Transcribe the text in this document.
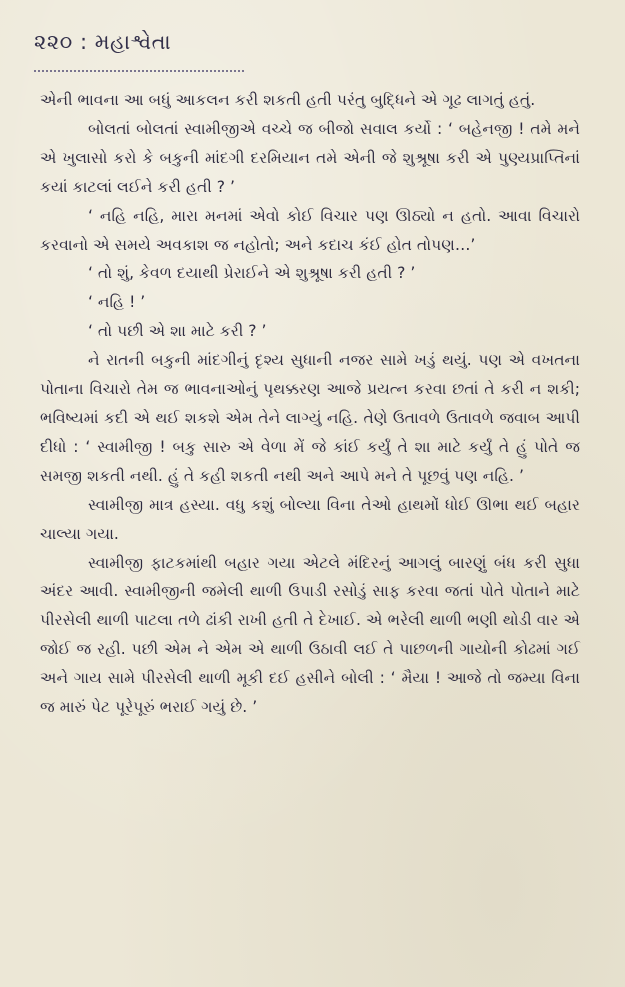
૨૨૦ : મહાશ્વેતા

એની ભાવના આ બધું આકલન કરી શકતી હતી પરંતુ બુદ્ધિને એ ગૂઢ લાગતું હતું.

બોલતાં બોલતાં સ્વામીજીએ વચ્ચે જ બીજો સવાલ કર્યો : ‘ બહેનજી ! તમે મને એ ખુલાસો કરો કે બકુની માંદગી દરમિયાન તમે એની જે શુશ્રૂષા કરી એ પુણ્યપ્રાપ્તિનાં કયાં કાટલાં લઈને કરી હતી ? ’

‘ નહિ નહિ, મારા મનમાં એવો કોઈ વિચાર પણ ઊઠ્યો ન હતો. આવા વિચારો કરવાનો એ સમયે અવકાશ જ નહોતો; અને કદાચ કંઈ હોત તોપણ…’

‘ તો શું, કેવળ દયાથી પ્રેરાઈને એ શુશ્રૂષા કરી હતી ? ’

‘ નહિ ! ’

‘ તો પછી એ શા માટે કરી ? ’

ને રાતની બકુની માંદગીનું દૃશ્ય સુધાની નજર સામે ખડું થયું. પણ એ વખતના પોતાના વિચારો તેમ જ ભાવનાઓનું પૃથક્કરણ આજે પ્રયત્ન કરવા છતાં તે કરી ન શકી; ભવિષ્યમાં કદી એ થઈ શકશે એમ તેને લાગ્યું નહિ. તેણે ઉતાવળે ઉતાવળે જવાબ આપી દીધો : ‘ સ્વામીજી ! બકુ સારુ એ વેળા મેં જે કાંઈ કર્યું તે શા માટે કર્યું તે હું પોતે જ સમજી શકતી નથી. હું તે કહી શકતી નથી અને આપે મને તે પૂછવું પણ નહિ. ’

સ્વામીજી માત્ર હસ્યા. વધુ કશું બોલ્યા વિના તેઓ હાથમોં ધોઈ ઊભા થઈ બહાર ચાલ્યા ગયા.

સ્વામીજી ફાટકમાંથી બહાર ગયા એટલે મંદિરનું આગલું બારણું બંધ કરી સુધા અંદર આવી. સ્વામીજીની જમેલી થાળી ઉપાડી રસોડું સાફ કરવા જતાં પોતે પોતાને માટે પીરસેલી થાળી પાટલા તળે ઢાંકી રાખી હતી તે દેખાઈ. એ ભરેલી થાળી ભણી થોડી વાર એ જોઈ જ રહી. પછી એમ ને એમ એ થાળી ઉઠાવી લઈ તે પાછળની ગાયોની કોઢમાં ગઈ અને ગાય સામે પીરસેલી થાળી મૂકી દઈ હસીને બોલી : ‘ મૈયા ! આજે તો જમ્યા વિના જ મારું પેટ પૂરેપૂરું ભરાઈ ગયું છે. ’
